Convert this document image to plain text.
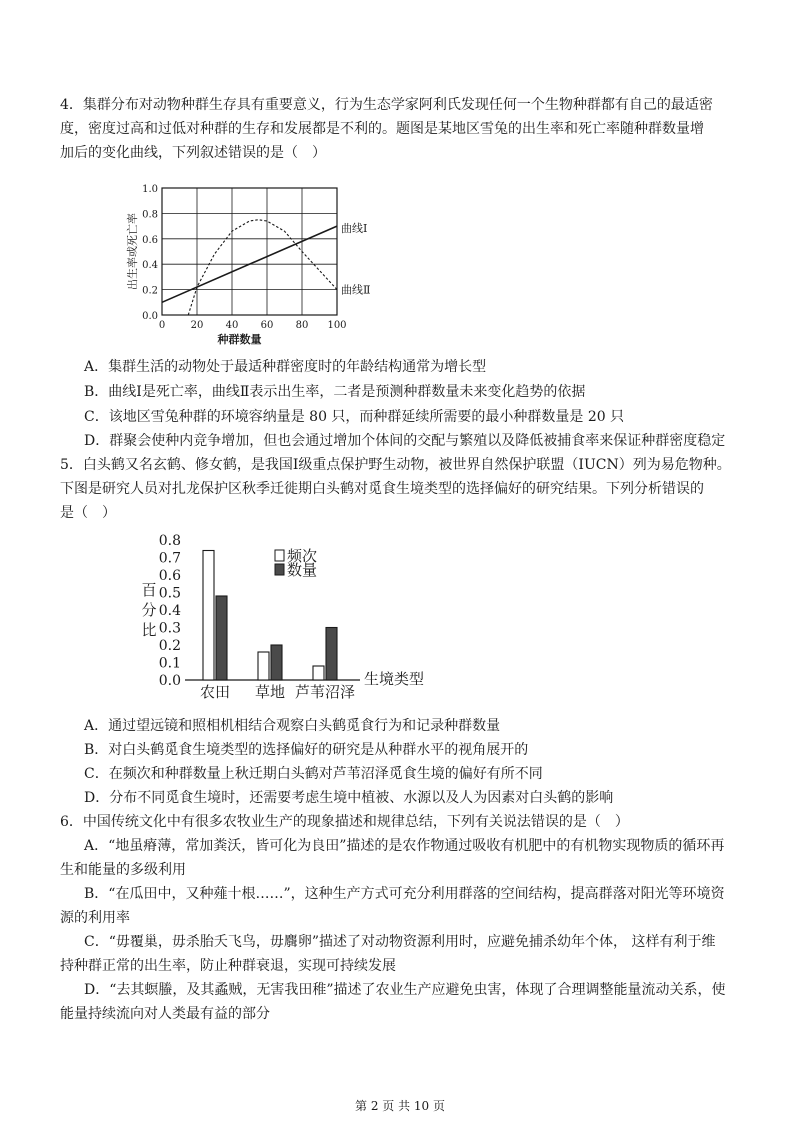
4．集群分布对动物种群生存具有重要意义，行为生态学家阿利氏发现任何一个生物种群都有自己的最适密
度，密度过高和过低对种群的生存和发展都是不利的。题图是某地区雪兔的出生率和死亡率随种群数量增
加后的变化曲线，下列叙述错误的是（　）
0	20 40 60 80 100
0.0
0.2
0.4
0.6
0.8
1.0
种群数量
出生率或死亡率	曲线Ⅰ
曲线Ⅱ
A．集群生活的动物处于最适种群密度时的年龄结构通常为增长型
B．曲线Ⅰ是死亡率，曲线Ⅱ表示出生率，二者是预测种群数量未来变化趋势的依据
C．该地区雪兔种群的环境容纳量是 80 只，而种群延续所需要的最小种群数量是 20 只
D．群聚会使种内竞争增加，但也会通过增加个体间的交配与繁殖以及降低被捕食率来保证种群密度稳定
5．白头鹤又名玄鹤、修女鹤，是我国Ⅰ级重点保护野生动物，被世界自然保护联盟（IUCN）列为易危物种。
下图是研究人员对扎龙保护区秋季迁徙期白头鹤对觅食生境类型的选择偏好的研究结果。下列分析错误的
是（　）
0.0
0.1
0.2
0.3
0.4
0.5
0.6
0.7
0.8
百
分
比
生境类型
农田 草地 芦苇沼泽
频次
数量
A．通过望远镜和照相机相结合观察白头鹤觅食行为和记录种群数量
B．对白头鹤觅食生境类型的选择偏好的研究是从种群水平的视角展开的
C．在频次和种群数量上秋迁期白头鹤对芦苇沼泽觅食生境的偏好有所不同
D．分布不同觅食生境时，还需要考虑生境中植被、水源以及人为因素对白头鹤的影响
6．中国传统文化中有很多农牧业生产的现象描述和规律总结，下列有关说法错误的是（　）
A．“地虽瘠薄，常加粪沃，皆可化为良田”描述的是农作物通过吸收有机肥中的有机物实现物质的循环再
生和能量的多级利用
B．“在瓜田中，又种薤十根……”，这种生产方式可充分利用群落的空间结构，提高群落对阳光等环境资
源的利用率
C．“毋覆巢，毋杀胎夭飞鸟，毋麛卵”描述了对动物资源利用时，应避免捕杀幼年个体， 这样有利于维
持种群正常的出生率，防止种群衰退，实现可持续发展
D．“去其螟螣，及其蟊贼，无害我田稚”描述了农业生产应避免虫害，体现了合理调整能量流动关系，使
能量持续流向对人类最有益的部分
第 2 页 共 10 页
